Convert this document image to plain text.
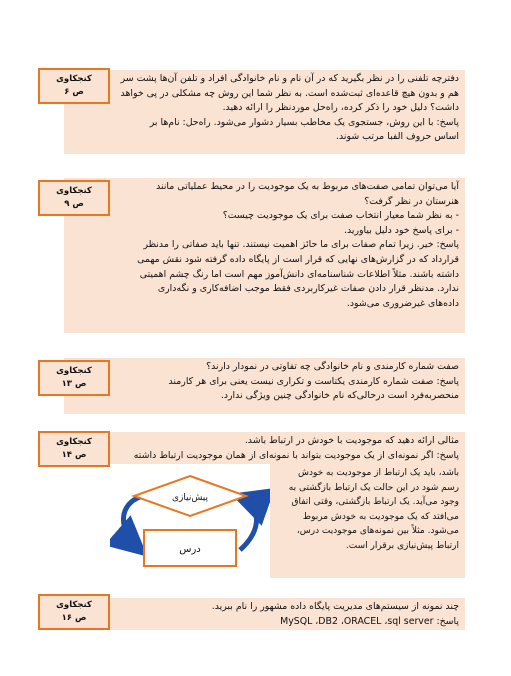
دفترچه تلفنی را در نظر بگیرید که در آن نام و نام خانوادگی افراد و تلفن آن‌ها پشت سر

هم و بدون هیچ قاعده‌ای ثبت‌شده است. به نظر شما این روش چه مشکلی در پی خواهد

داشت؟ دلیل خود را ذکر کرده، راه‌حل موردنظر را ارائه دهید.

پاسخ: با این روش، جستجوی یک مخاطب بسیار دشوار می‌شود. راه‌حل: نام‌ها بر

اساس حروف الفبا مرتب شوند.

کنجکاوی
ص ۶

آیا می‌توان تمامی صفت‌های مربوط به یک موجودیت را در محیط عملیاتی مانند

هنرستان در نظر گرفت؟

- به نظر شما معیار انتخاب صفت برای یک موجودیت چیست؟

- برای پاسخ خود دلیل بیاورید.

پاسخ: خیر. زیرا تمام صفات برای ما حائز اهمیت نیستند. تنها باید صفاتی را مدنظر

قرارداد که در گزارش‌های نهایی که قرار است از پایگاه داده گرفته شود نقش مهمی

داشته باشند. مثلاً اطلاعات شناسنامه‌ای دانش‌آموز مهم است اما رنگ چشم اهمیتی

ندارد. مدنظر قرار دادن صفات غیرکاربردی فقط موجب اضافه‌کاری و نگه‌داری

داده‌های غیرضروری می‌شود.

کنجکاوی
ص ۹

صفت شماره کارمندی و نام خانوادگی چه تفاوتی در نمودار دارند؟

پاسخ: صفت شماره کارمندی یکتاست و تکراری نیست یعنی برای هر کارمند

منحصربه‌فرد است درحالی‌که نام خانوادگی چنین ویژگی ندارد.

کنجکاوی
ص ۱۳

مثالی ارائه دهید که موجودیت با خودش در ارتباط باشد.

پاسخ: اگر نمونه‌ای از یک موجودیت بتواند با نمونه‌ای از همان موجودیت ارتباط داشته

باشد، باید یک ارتباط از موجودیت به خودش

رسم شود در این حالت یک ارتباط بازگشتی به

وجود می‌آید. یک ارتباط بازگشتی، وقتی اتفاق

می‌افتد که یک موجودیت به خودش مربوط

می‌شود. مثلاً بین نمونه‌های موجودیت درس،

ارتباط پیش‌نیازی برقرار است.

کنجکاوی
ص ۱۴
پیش‌نیازی
درس

چند نمونه از سیستم‌های مدیریت پایگاه داده مشهور را نام ببرید.

پاسخ: MySQL ،DB2 ،ORACEL ،sql server

کنجکاوی
ص ۱۶
